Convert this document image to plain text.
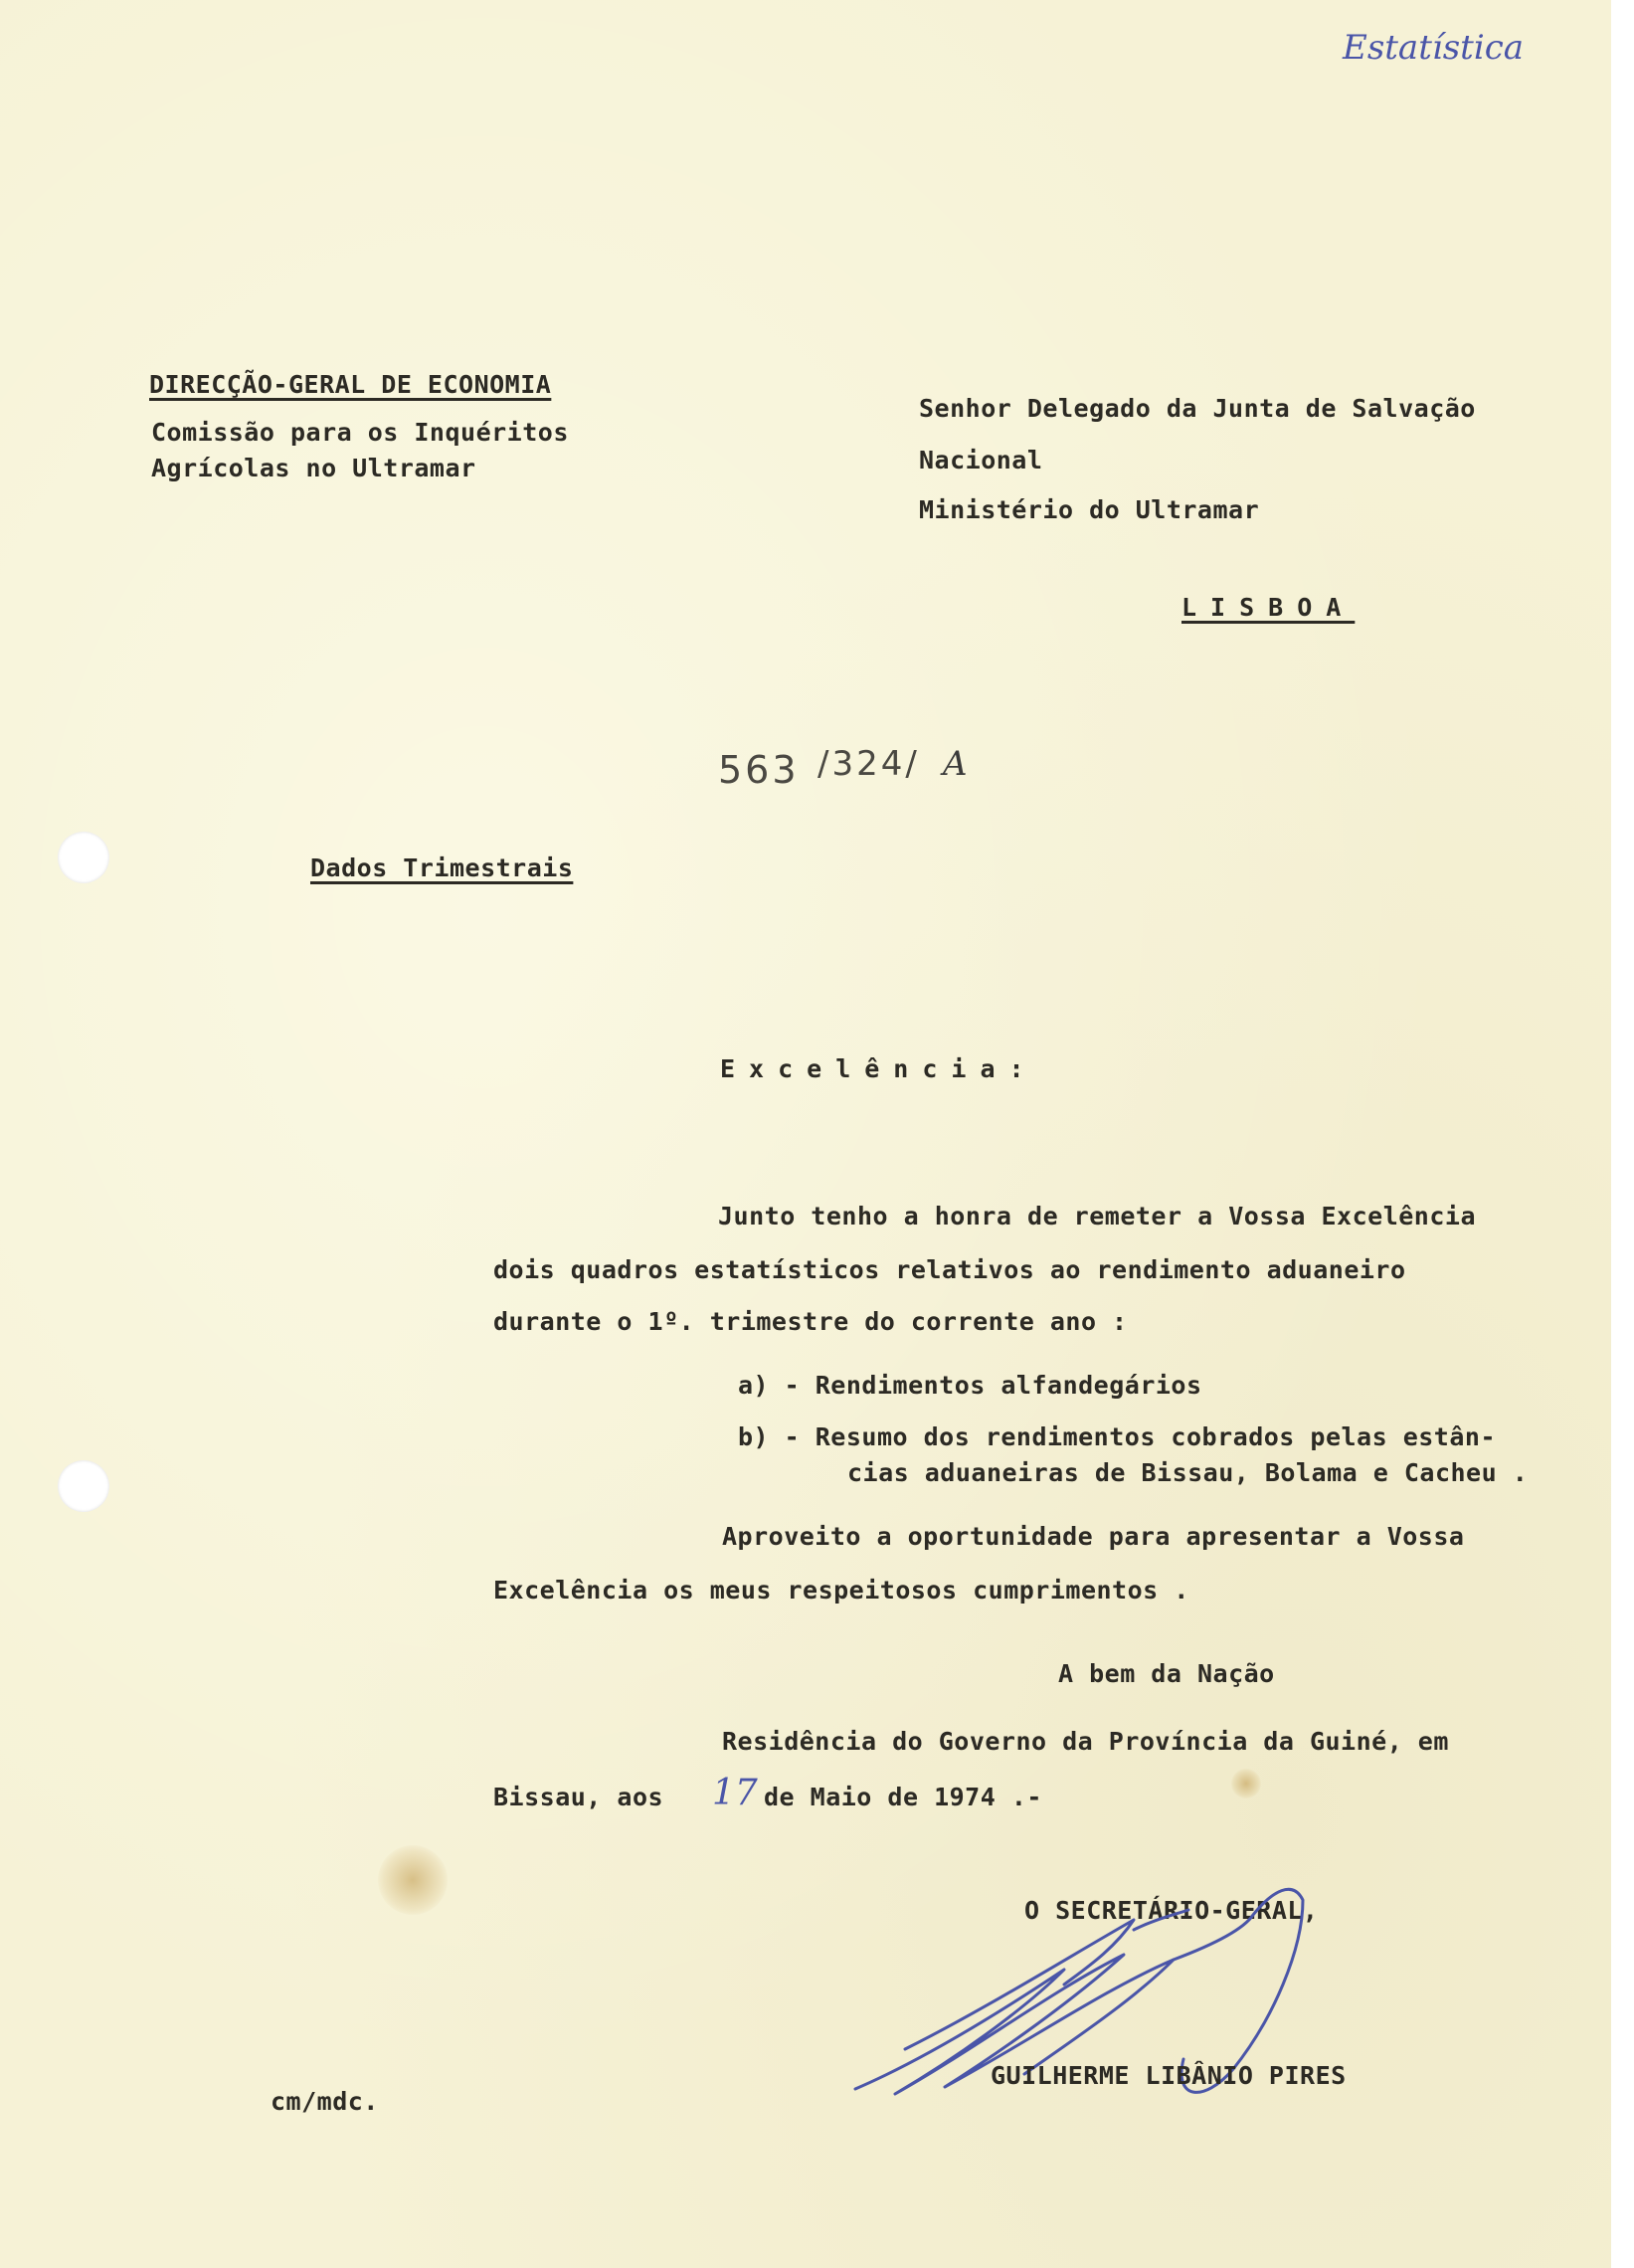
Estatística
DIRECÇÃO-GERAL DE ECONOMIA
Comissão para os Inquéritos
Agrícolas no Ultramar
Senhor Delegado da Junta de Salvação
Nacional
Ministério do Ultramar
LISBOA
563 /324/ A
Dados Trimestrais
Excelência:
Junto tenho a honra de remeter a Vossa Excelência
dois quadros estatísticos relativos ao rendimento aduaneiro
durante o 1º. trimestre do corrente ano :
a) - Rendimentos alfandegários
b) - Resumo dos rendimentos cobrados pelas estân-
cias aduaneiras de Bissau, Bolama e Cacheu .
Aproveito a oportunidade para apresentar a Vossa
Excelência os meus respeitosos cumprimentos .
A bem da Nação
Residência do Governo da Província da Guiné, em
Bissau, aos 17 de Maio de 1974 .-
O SECRETÁRIO-GERAL,
GUILHERME LIBÂNIO PIRES
cm/mdc.
